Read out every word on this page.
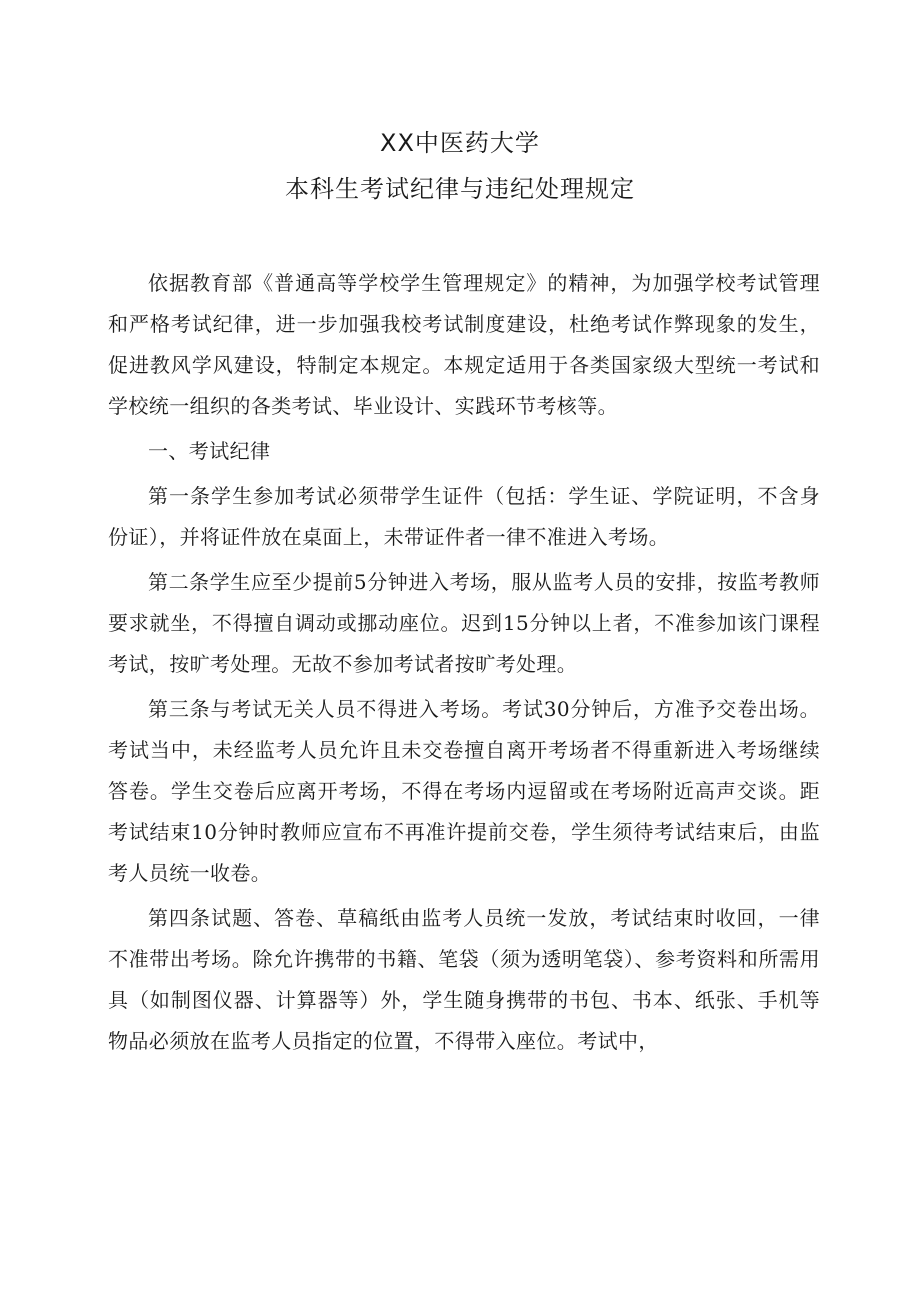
XX中医药大学
本科生考试纪律与违纪处理规定

依据教育部《普通高等学校学生管理规定》的精神，为加强学校考试管理和严格考试纪律，进一步加强我校考试制度建设，杜绝考试作弊现象的发生，促进教风学风建设，特制定本规定。本规定适用于各类国家级大型统一考试和学校统一组织的各类考试、毕业设计、实践环节考核等。

一、考试纪律

第一条学生参加考试必须带学生证件（包括：学生证、学院证明，不含身份证），并将证件放在桌面上，未带证件者一律不准进入考场。

第二条学生应至少提前5分钟进入考场，服从监考人员的安排，按监考教师要求就坐，不得擅自调动或挪动座位。迟到15分钟以上者，不准参加该门课程考试，按旷考处理。无故不参加考试者按旷考处理。

第三条与考试无关人员不得进入考场。考试30分钟后，方准予交卷出场。考试当中，未经监考人员允许且未交卷擅自离开考场者不得重新进入考场继续答卷。学生交卷后应离开考场，不得在考场内逗留或在考场附近高声交谈。距考试结束10分钟时教师应宣布不再准许提前交卷，学生须待考试结束后，由监考人员统一收卷。

第四条试题、答卷、草稿纸由监考人员统一发放，考试结束时收回，一律不准带出考场。除允许携带的书籍、笔袋（须为透明笔袋）、参考资料和所需用具（如制图仪器、计算器等）外，学生随身携带的书包、书本、纸张、手机等物品必须放在监考人员指定的位置，不得带入座位。考试中，
